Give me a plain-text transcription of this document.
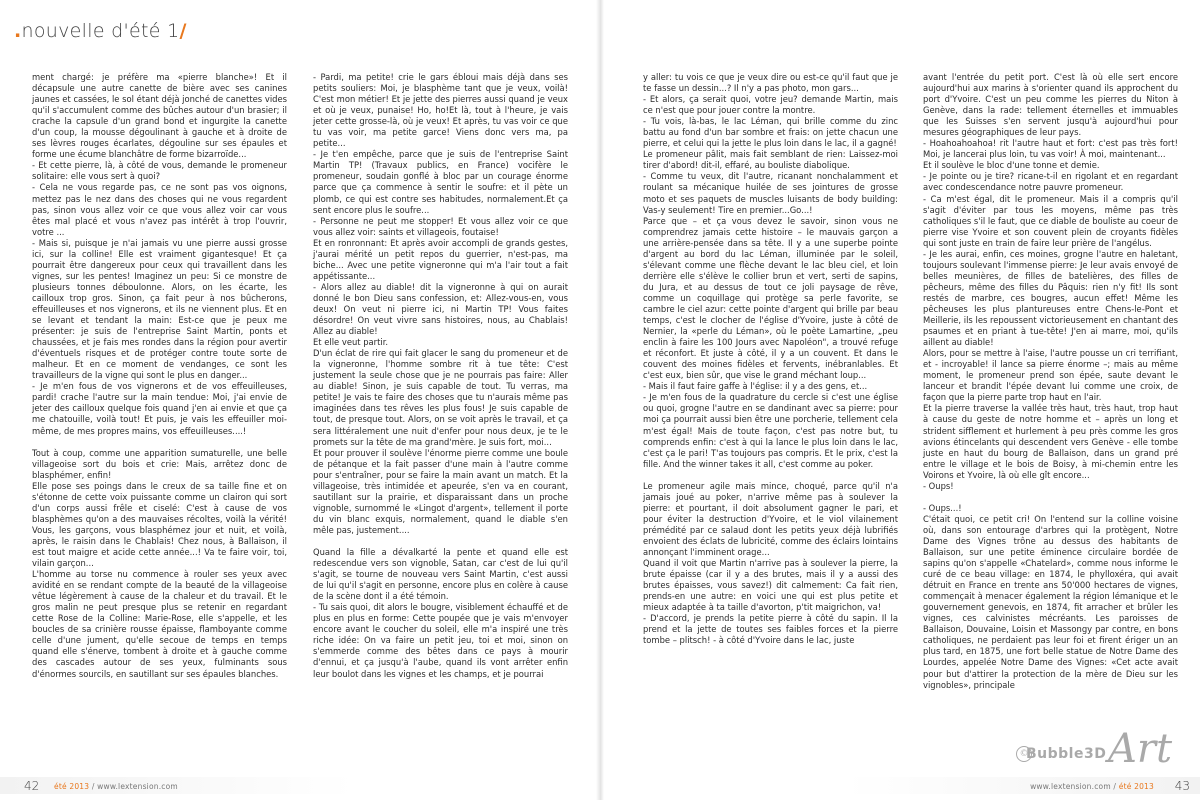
.nouvelle d'été 1/

ment chargé: je préfère ma «pierre blanche»! Et il décapsule une autre canette de bière avec ses canines jaunes et cassées, le sol étant déjà jonché de canettes vides qu'il s'accumulent comme des bûches autour d'un brasier; il crache la capsule d'un grand bond et ingurgite la canette d'un coup, la mousse dégoulinant à gauche et à droite de ses lèvres rouges écarlates, dégouline sur ses épaules et forme une écume blanchâtre de forme bizarroïde...

- Et cette pierre, là, à côté de vous, demande le promeneur solitaire: elle vous sert à quoi?

- Cela ne vous regarde pas, ce ne sont pas vos oignons, mettez pas le nez dans des choses qui ne vous regardent pas, sinon vous allez voir ce que vous allez voir car vous êtes mal placé et vous n'avez pas intérêt à trop l'ouvrir, votre ...

- Mais si, puisque je n'ai jamais vu une pierre aussi grosse ici, sur la colline! Elle est vraiment gigantesque! Et ça pourrait être dangereux pour ceux qui travaillent dans les vignes, sur les pentes! Imaginez un peu: Si ce monstre de plusieurs tonnes déboulonne. Alors, on les écarte, les cailloux trop gros. Sinon, ça fait peur à nos bûcherons, effeuilleuses et nos vignerons, et ils ne viennent plus. Et en se levant et tendant la main: Est-ce que je peux me présenter: je suis de l'entreprise Saint Martin, ponts et chaussées, et je fais mes rondes dans la région pour avertir d'éventuels risques et de protéger contre toute sorte de malheur. Et en ce moment de vendanges, ce sont les travailleurs de la vigne qui sont le plus en danger...

- Je m'en fous de vos vignerons et de vos effeuilleuses, pardi! crache l'autre sur la main tendue: Moi, j'ai envie de jeter des cailloux quelque fois quand j'en ai envie et que ça me chatouille, voilà tout! Et puis, je vais les effeuiller moi-même, de mes propres mains, vos effeuilleuses....!

Tout à coup, comme une apparition sumaturelle, une belle villageoise sort du bois et crie: Mais, arrêtez donc de blasphémer, enfin!

Elle pose ses poings dans le creux de sa taille fine et on s'étonne de cette voix puissante comme un clairon qui sort d'un corps aussi frêle et ciselé: C'est à cause de vos blasphèmes qu'on a des mauvaises récoltes, voilà la vérité! Vous, les garçons, vous blasphémez jour et nuit, et voilà, après, le raisin dans le Chablais! Chez nous, à Ballaison, il est tout maigre et acide cette année...! Va te faire voir, toi, vilain garçon...

L'homme au torse nu commence à rouler ses yeux avec avidité en se rendant compte de la beauté de la villageoise vêtue légèrement à cause de la chaleur et du travail. Et le gros malin ne peut presque plus se retenir en regardant cette Rose de la Colline: Marie-Rose, elle s'appelle, et les boucles de sa crinière rousse épaisse, flamboyante comme celle d'une jument, qu'elle secoue de temps en temps quand elle s'énerve, tombent à droite et à gauche comme des cascades autour de ses yeux, fulminants sous d'énormes sourcils, en sautillant sur ses épaules blanches.

- Pardi, ma petite! crie le gars ébloui mais déjà dans ses petits souliers: Moi, je blasphème tant que je veux, voilà! C'est mon métier! Et je jette des pierres aussi quand je veux et où je veux, punaise! Ho, ho!Et là, tout à l'heure, je vais jeter cette grosse-là, où je veux! Et après, tu vas voir ce que tu vas voir, ma petite garce! Viens donc vers ma, pa petite...

- Je t'en empêche, parce que je suis de l'entreprise Saint Martin TP! (Travaux publics, en France) vocifère le promeneur, soudain gonflé à bloc par un courage énorme parce que ça commence à sentir le soufre: et il pète un plomb, ce qui est contre ses habitudes, normalement.Et ça sent encore plus le soufre...

- Personne ne peut me stopper! Et vous allez voir ce que vous allez voir: saints et villageois, foutaise!

Et en ronronnant: Et après avoir accompli de grands gestes, j'aurai mérité un petit repos du guerrier, n'est-pas, ma biche... Avec une petite vigneronne qui m'a l'air tout a fait appétissante...

- Alors allez au diable! dit la vigneronne à qui on aurait donné le bon Dieu sans confession, et: Allez-vous-en, vous deux! On veut ni pierre ici, ni Martin TP! Vous faites désordre! On veut vivre sans histoires, nous, au Chablais! Allez au diable!

Et elle veut partir.

D'un éclat de rire qui fait glacer le sang du promeneur et de la vigneronne, l'homme sombre rit à tue tête: C'est justement la seule chose que je ne pourrais pas faire: Aller au diable! Sinon, je suis capable de tout. Tu verras, ma petite! Je vais te faire des choses que tu n'aurais même pas imaginées dans tes rêves les plus fous! Je suis capable de tout, de presque tout. Alors, on se voit après le travail, et ça sera littéralement une nuit d'enfer pour nous deux, je te le promets sur la tête de ma grand'mère. Je suis fort, moi...

Et pour prouver il soulève l'énorme pierre comme une boule de pétanque et la fait passer d'une main à l'autre comme pour s'entraîner, pour se faire la main avant un match. Et la villageoise, très intimidée et apeurée, s'en va en courant, sautillant sur la prairie, et disparaissant dans un proche vignoble, surnommé le «Lingot d'argent», tellement il porte du vin blanc exquis, normalement, quand le diable s'en mêle pas, justement....

Quand la fille a dévalkarté la pente et quand elle est redescendue vers son vignoble, Satan, car c'est de lui qu'il s'agit, se tourne de nouveau vers Saint Martin, c'est aussi de lui qu'il s'agit en personne, encore plus en colère à cause de la scène dont il a été témoin.

- Tu sais quoi, dit alors le bougre, visiblement échauffé et de plus en plus en forme: Cette poupée que je vais m'envoyer encore avant le coucher du soleil, elle m'a inspiré une très riche idée: On va faire un petit jeu, toi et moi, sinon on s'emmerde comme des bêtes dans ce pays à mourir d'ennui, et ça jusqu'à l'aube, quand ils vont arrêter enfin leur boulot dans les vignes et les champs, et je pourrai

y aller: tu vois ce que je veux dire ou est-ce qu'il faut que je te fasse un dessin...? Il n'y a pas photo, mon gars...

- Et alors, ça serait quoi, votre jeu? demande Martin, mais ce n'est que pour jouer contre la montre.

- Tu vois, là-bas, le lac Léman, qui brille comme du zinc battu au fond d'un bar sombre et frais: on jette chacun une pierre, et celui qui la jette le plus loin dans le lac, il a gagné!

Le promeneur pâlit, mais fait semblant de rien: Laissez-moi tirer d'abord! dit-il, effaré, au bouliste diabolique.

- Comme tu veux, dit l'autre, ricanant nonchalamment et roulant sa mécanique huilée de ses jointures de grosse moto et ses paquets de muscles luisants de body building: Vas-y seulement! Tire en premier...Go...!

Parce que – et ça vous devez le savoir, sinon vous ne comprendrez jamais cette histoire – le mauvais garçon a une arrière-pensée dans sa tête. Il y a une superbe pointe d'argent au bord du lac Léman, illuminée par le soleil, s'élevant comme une flèche devant le lac bleu ciel, et loin derrière elle s'élève le collier brun et vert, serti de sapins, du Jura, et au dessus de tout ce joli paysage de rêve, comme un coquillage qui protège sa perle favorite, se cambre le ciel azur: cette pointe d'argent qui brille par beau temps, c'est le clocher de l'église d'Yvoire, juste à côté de Nernier, la «perle du Léman», où le poète Lamartine, „peu enclin à faire les 100 Jours avec Napoléon", a trouvé refuge et réconfort. Et juste à côté, il y a un couvent. Et dans le couvent des moines fidèles et fervents, inébranlables. Et c'est eux, bien sûr, que vise le grand méchant loup...

- Mais il faut faire gaffe à l'église: il y a des gens, et...

- Je m'en fous de la quadrature du cercle si c'est une église ou quoi, grogne l'autre en se dandinant avec sa pierre: pour moi ça pourrait aussi bien être une porcherie, tellement cela m'est égal! Mais de toute façon, c'est pas notre but, tu comprends enfin: c'est à qui la lance le plus loin dans le lac, c'est ça le pari! T'as toujours pas compris. Et le prix, c'est la fille. And the winner takes it all, c'est comme au poker.

Le promeneur agile mais mince, choqué, parce qu'il n'a jamais joué au poker, n'arrive même pas à soulever la pierre: et pourtant, il doit absolument gagner le pari, et pour éviter la destruction d'Yvoire, et le viol vilainement prémédité par ce salaud dont les petits yeux déjà lubrifiés envoient des éclats de lubricité, comme des éclairs lointains annonçant l'imminent orage...

Quand il voit que Martin n'arrive pas à soulever la pierre, la brute épaisse (car il y a des brutes, mais il y a aussi des brutes épaisses, vous savez!) dit calmement: Ca fait rien, prends-en une autre: en voici une qui est plus petite et mieux adaptée à ta taille d'avorton, p'tit maigrichon, va!

- D'accord, je prends la petite pierre à côté du sapin. Il la prend et la jette de toutes ses faibles forces et la pierre tombe – plitsch! - à côté d'Yvoire dans le lac, juste

avant l'entrée du petit port. C'est là où elle sert encore aujourd'hui aux marins à s'orienter quand ils approchent du port d'Yvoire. C'est un peu comme les pierres du Niton à Genève, dans la rade: tellement éternelles et immuables que les Suisses s'en servent jusqu'à aujourd'hui pour mesures géographiques de leur pays.

- Hoahoahoahoa! rit l'autre haut et fort: c'est pas très fort! Moi, je lancerai plus loin, tu vas voir! À moi, maintenant...

Et il soulève le bloc d'une tonne et demie.

- Je pointe ou je tire? ricane-t-il en rigolant et en regardant avec condescendance notre pauvre promeneur.

- Ca m'est égal, dit le promeneur. Mais il a compris qu'il s'agit d'éviter par tous les moyens, même pas très catholiques s'il le faut, que ce diable de bouliste au coeur de pierre vise Yvoire et son couvent plein de croyants fidèles qui sont juste en train de faire leur prière de l'angélus.

- Je les aurai, enfin, ces moines, grogne l'autre en haletant, toujours soulevant l'immense pierre: Je leur avais envoyé de belles meunières, de filles de batelières, des filles de pêcheurs, même des filles du Pâquis: rien n'y fit! Ils sont restés de marbre, ces bougres, aucun effet! Même les pêcheuses les plus plantureuses entre Chens-le-Pont et Meillerie, ils les repoussent victorieusement en chantant des psaumes et en priant à tue-tête! J'en ai marre, moi, qu'ils aillent au diable!

Alors, pour se mettre à l'aise, l'autre pousse un cri terrifiant, et - incroyable! il lance sa pierre énorme –; mais au même moment, le promeneur prend son épée, saute devant le lanceur et brandit l'épée devant lui comme une croix, de façon que la pierre parte trop haut en l'air.

Et la pierre traverse la vallée très haut, très haut, trop haut à cause du geste de notre homme et – après un long et strident sifflement et hurlement à peu près comme les gros avions étincelants qui descendent vers Genève - elle tombe juste en haut du bourg de Ballaison, dans un grand pré entre le village et le bois de Boisy, à mi-chemin entre les Voirons et Yvoire, là où elle gît encore...

- Oups!

- Oups...!

C'était quoi, ce petit cri! On l'entend sur la colline voisine où, dans son entourage d'arbres qui la protègent, Notre Dame des Vignes trône au dessus des habitants de Ballaison, sur une petite éminence circulaire bordée de sapins qu'on s'appelle «Chatelard», comme nous informe le curé de ce beau village: en 1874, le phylloxéra, qui avait détruit en France en trente ans 50'000 hectares de vignes, commençait à menacer également la région lémanique et le gouvernement genevois, en 1874, fit arracher et brûler les vignes, ces calvinistes mécréants. Les paroisses de Ballaison, Douvaine, Loisin et Massongy par contre, en bons catholiques, ne perdaient pas leur foi et firent ériger un an plus tard, en 1875, une fort belle statue de Notre Dame des Lourdes, appelée Notre Dame des Vignes: «Cet acte avait pour but d'attirer la protection de la mère de Dieu sur les vignobles», principale

42 été 2013 / www.lextension.com	www.lextension.com / été 2013 43
©
Bubble3D Art
